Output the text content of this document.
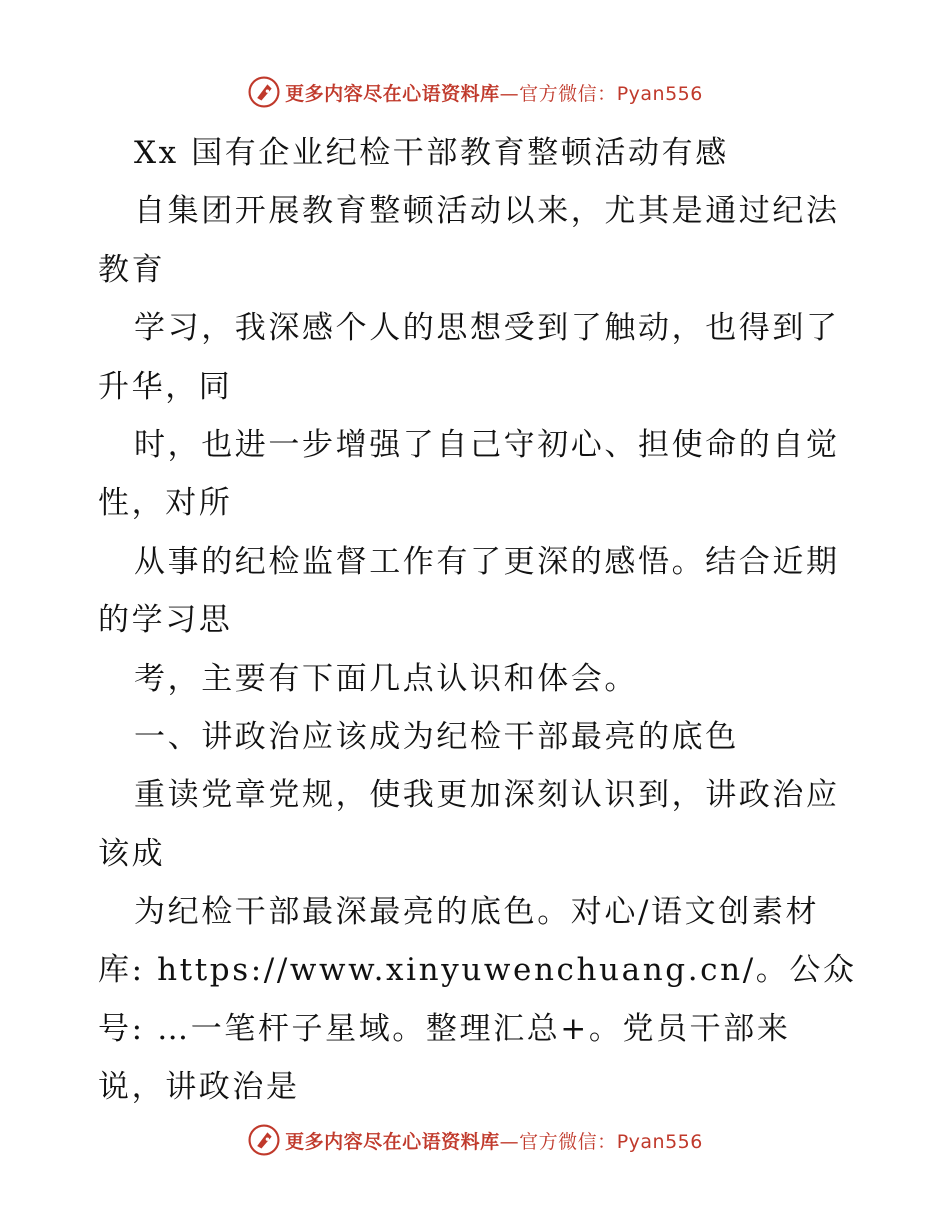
更多内容尽在心语资料库—官方微信：Pyan556
Xx 国有企业纪检干部教育整顿活动有感
自集团开展教育整顿活动以来，尤其是通过纪法
教育
学习，我深感个人的思想受到了触动，也得到了
升华，同
时，也进一步增强了自己守初心、担使命的自觉
性，对所
从事的纪检监督工作有了更深的感悟。结合近期
的学习思
考，主要有下面几点认识和体会。
一、讲政治应该成为纪检干部最亮的底色
重读党章党规，使我更加深刻认识到，讲政治应
该成
为纪检干部最深最亮的底色。对心/语文创素材
库: https://www.xinyuwenchuang.cn/。公众
号: …一笔杆子星域。整理汇总+。党员干部来
说，讲政治是
更多内容尽在心语资料库—官方微信：Pyan556
